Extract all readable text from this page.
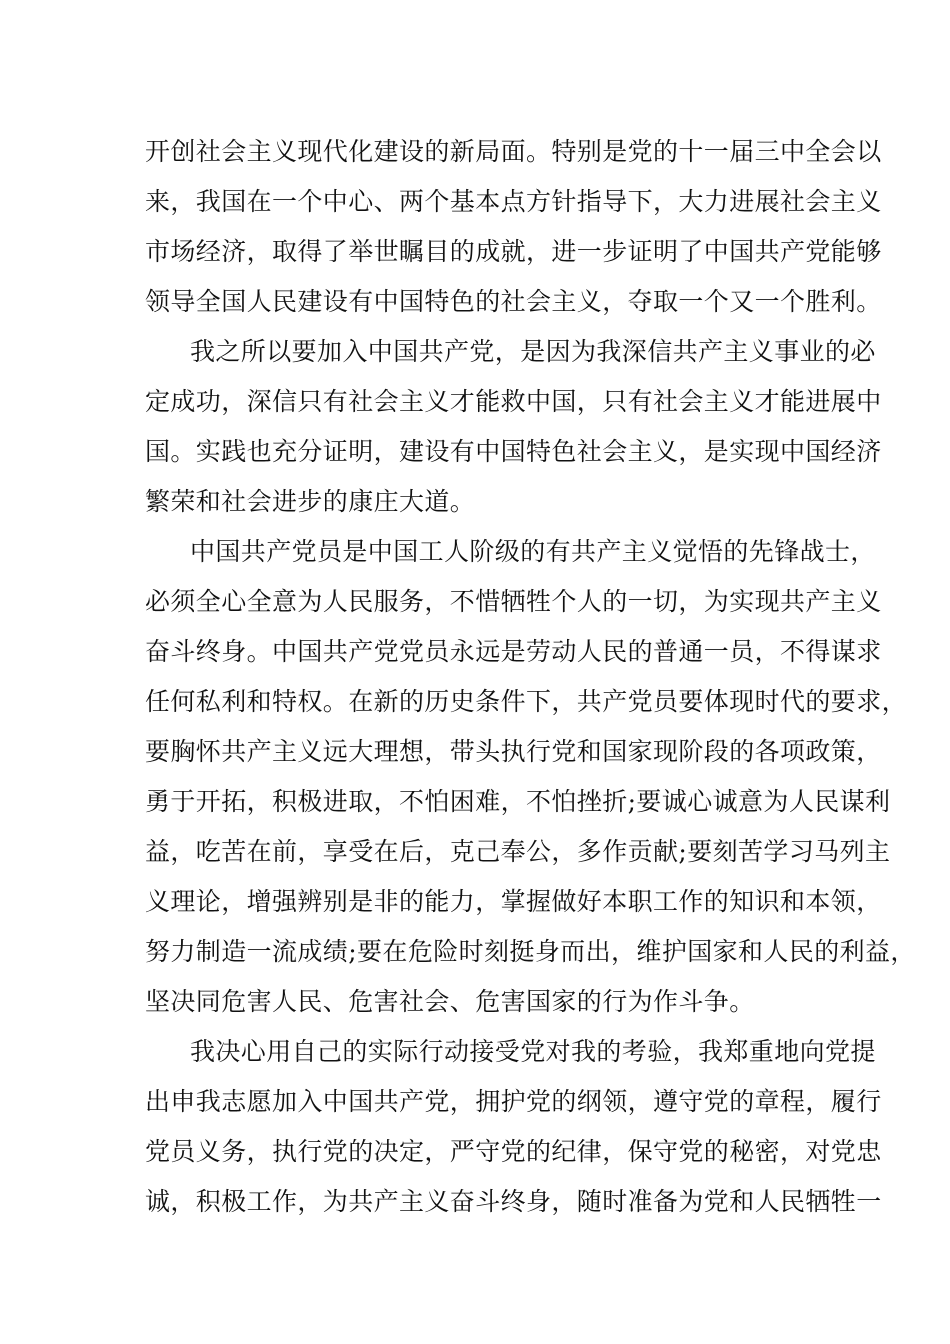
开创社会主义现代化建设的新局面。特别是党的十一届三中全会以
来，我国在一个中心、两个基本点方针指导下，大力进展社会主义
市场经济，取得了举世瞩目的成就，进一步证明了中国共产党能够
领导全国人民建设有中国特色的社会主义，夺取一个又一个胜利。
我之所以要加入中国共产党，是因为我深信共产主义事业的必
定成功，深信只有社会主义才能救中国，只有社会主义才能进展中
国。实践也充分证明，建设有中国特色社会主义，是实现中国经济
繁荣和社会进步的康庄大道。
中国共产党员是中国工人阶级的有共产主义觉悟的先锋战士，
必须全心全意为人民服务，不惜牺牲个人的一切，为实现共产主义
奋斗终身。中国共产党党员永远是劳动人民的普通一员，不得谋求
任何私利和特权。在新的历史条件下，共产党员要体现时代的要求，
要胸怀共产主义远大理想，带头执行党和国家现阶段的各项政策，
勇于开拓，积极进取，不怕困难，不怕挫折;要诚心诚意为人民谋利
益，吃苦在前，享受在后，克己奉公，多作贡献;要刻苦学习马列主
义理论，增强辨别是非的能力，掌握做好本职工作的知识和本领，
努力制造一流成绩;要在危险时刻挺身而出，维护国家和人民的利益，
坚决同危害人民、危害社会、危害国家的行为作斗争。
我决心用自己的实际行动接受党对我的考验，我郑重地向党提
出申我志愿加入中国共产党，拥护党的纲领，遵守党的章程，履行
党员义务，执行党的决定，严守党的纪律，保守党的秘密，对党忠
诚，积极工作，为共产主义奋斗终身，随时准备为党和人民牺牲一
